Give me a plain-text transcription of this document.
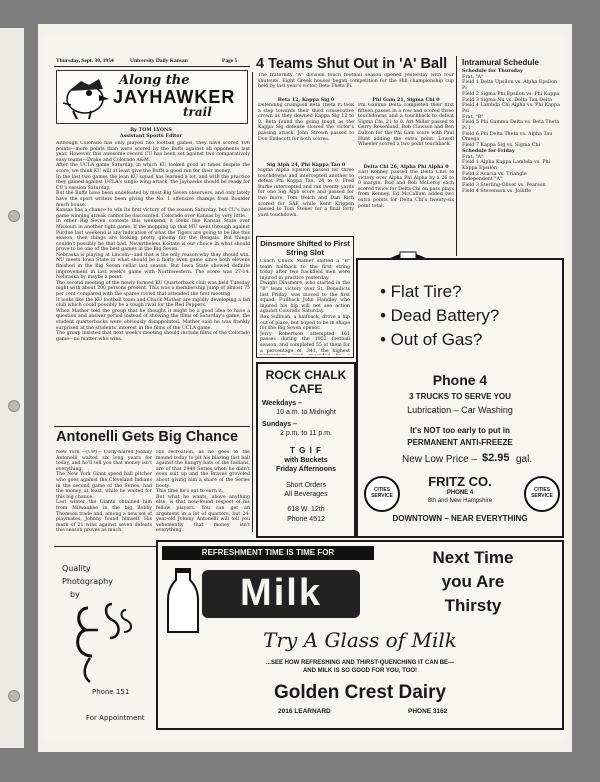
Thursday, Sept. 30, 1954	University Daily Kansan	Page 5
Along the
JAYHAWKER
trail
By TOM LYONS
Assistant Sports Editor
Although Colorado has only played two football games, they have scored 106 points—more points than were scored by the Buffs against all opponents last year. However this awesome record CU has been set against two comparatively easy teams—Drake and Colorado A&M.
After the UCLA game Saturday, in which KU looked good at times despite the score, we think KU will at least give the Buffs a good run for their money.
In the last two games the lean KU squad has learned a lot, and with the practice they gained against UCLA's single wing attack, the Jayhawks should be ready for CU's version Saturday.
But the Buffs have been undefeated by most Big Seven observers, and only lately have the sport writers been giving the No. 1 offensive champs from Boulder much house.
Kansas has a chance to win its first victory of the season Saturday, but CU's two game winning streak cannot be discounted. Colorado over Kansas by very little.
In other Big Seven contests this weekend, it looks like Kansas State over Missouri in another tight game. If the mopping up that MU went through against Purdue last weekend is any indication of what the Tigers are going to be like this season, then things are looking pretty gloomy for the Bengals. But things couldn't possibly be that bad. Nevertheless K-State is our choice in what should prove to be one of the best games in the Big Seven.
Nebraska is playing at Lincoln—and that is the only reason why they should win. NU meets Iowa State in what should be a fairly even game since both elevens finished in the Big Seven cellar last season. But Iowa State showed definite improvement in last week's game with Northwestern. The score was 27-14. Nebraska by maybe a point.
The second meeting of the newly formed KU Quarterback club was held Tuesday night with about 200 persons present. This was a membership jump of almost 75 per cent compared with the sparse crowd that attended the first meeting.
It looks like the KU football team and Chuck Mather are rapidly developing a fan club which could possibly be a tough rival for the Red Peppers.
When Mather told the group that he thought it might be a good idea to have a question and answer period instead of showing the films of Saturday's game, the student quarterbacks were obviously disappointed. Mather said he was frankly surprised at the students' interest in the films of the UCLA game.
The group insisted that next week's meeting should include films of the Colorado game—no matter who wins.
Antonelli Gets Big Chance
New York —(UP)— Curly-haired Johnny Antonelli waited six long years for today, and he'll tell you that money isn't everything.
The New York Giant speed ball pitcher who goes against the Cleveland Indians in the second game of the Series, had the money, at least, while he waited for this big chance.
Last winter the Giants obtained him from Milwaukee in the big Bobby Thomson trade and, among a new set of playmates, Johnny found himself. His mark of 21 wins against seven defeats this season proves as much.
His recreation, as he goes to the mound today to pit his blazing fast ball against the hungry bats of the Indians, are of that 1948 Series when he didn't even suit up and the Braves groveled about giving him a share of the Series booty.
This time he's out to earn it.
But what he wants, above anything else, is that new-found respect of his fellow players. You can get an argument in a lot of quarters, but 24-year-old Johnny Antonelli will tell you vehemently that money isn't everything.
Quality
Photography
by
Phone 151
For Appointment
4 Teams Shut Out in 'A' Ball
The fraternity "A" division touch football season opened yesterday with four shutouts. Eight Greek houses began competition for the Hill championship cup held by last year's victor, Beta Theta Pi.
Beta 12, Kappa Sig 0
Defending champion Beta Theta Pi took a step towards their third consecutive crown as they downed Kappa Sig 12 to 0. Beta found the going tough as the Kappa Sig defense slowed the victor's passing attack. John Strown passed to Don Endecott for both scores.
Sig Alph 24, Phi Kappa Tau 0
Sigma Alpha Epsilon passed for three touchdowns and intercepted another to defeat Phi Kappa Tau, 24 to 0. Fred Burke intercepted and ran twenty yards for one Sig Alph score and passed for two more. Tom Welch and Dan Rich scored for SAE while Kent Krippen passed to Tom Steker for a final forty yard touchdown.
Phi Gam 21, Sigma Chi 0
Phi Gamma Delta completed their first fifteen passes in a row and scored three touchdowns and a touchback to defeat Sigma Chi, 21 to 0. Art Miller passed to Gerry Rosenlund, Bob Clawson and Ben Dalton for the Phi Gam score with Paul Hunt adding the extra point. Lowell Wheeler scored a two point touchback.
Delta Chi 26, Alpha Phi Alpha 0
Earl Kenney passed the Delta Chis to victory over Alpha Phi Alpha by a 26 to 0 margin. Bud and Bob McLeroy each scored twice for Delta Chi on pass plays from Kenney. Ed McCallum added two extra points for Delta Chi's twenty-six point total.
Dinsmore Shifted to First String Slot
Coach Chuck Mather shifted a "B" team halfback to the first string today after two backfield men were injured in practice yesterday.
Dwight Dinsmore, who started in the "B" team victory over St. Benedicts last Friday, was moved to the first squad. Fullback John Handley who injured his hip will not see action against Colorado Saturday.
Rex Sullivan, a halfback, drove a hip out of place, but hoped to be in shape for the Big Seven opener.
Jerry Robertson attempted 161 passes during the 1952 football season, and completed 55 of them for a percentage of .341, the highest
ROCK CHALK
CAFE
Weekdays –
10 a.m. to Midnight
Sundays –
2 p.m. to 11 p.m.
T G I F
with Buckets
Friday Afternoons
Short Orders
All Beverages
618 W. 12th
Phone 4512
Intramural Schedule
Schedule for Thursday
Frat. "A"
Field 1 Delta Upsilon vs. Alpha Epsilon Pi
Field 2 Sigma Phi Epsilon vs. Phi Kappa
Field 3 Sigma Nu vs. Delta Tau Delta
Field 4 Lambda Chi Alpha vs. Phi Kappa Psi
Frat. "B"
Field 5 Phi Gamma Delta vs. Beta Theta Pi I
Field 6 Phi Delta Theta vs. Alpha Tau Omega
Field 7 Kappa Sig vs. Sigma Chi
Schedule for Friday
Frat. "A"
Field 1 Alpha Kappa Lambda vs. Phi Kappa Epsilon
Field 2 Acacia vs. Triangle
Independent "A"
Field 3 Sterling-Oliver vs. Pearson
Field 4 Stevenson vs. Jolliffe
• Flat Tire?
• Dead Battery?
• Out of Gas?
Phone 4
3 TRUCKS TO SERVE YOU
Lubrication – Car Washing
It's NOT too early to put in
PERMANENT ANTI-FREEZE
New Low Price – $2.95 gal.
CITIES SERVICE
CITIES SERVICE
FRITZ CO.
PHONE 4
8th and New Hampshire
DOWNTOWN – NEAR EVERYTHING
REFRESHMENT TIME IS TIME FOR
Milk
Next Time
you Are
Thirsty
Try A Glass of Milk
...SEE HOW REFRESHING AND THIRST-QUENCHING IT CAN BE—
AND MILK IS SO GOOD FOR YOU, TOO!
Golden Crest Dairy
2016 LEARNARD	PHONE 3162
